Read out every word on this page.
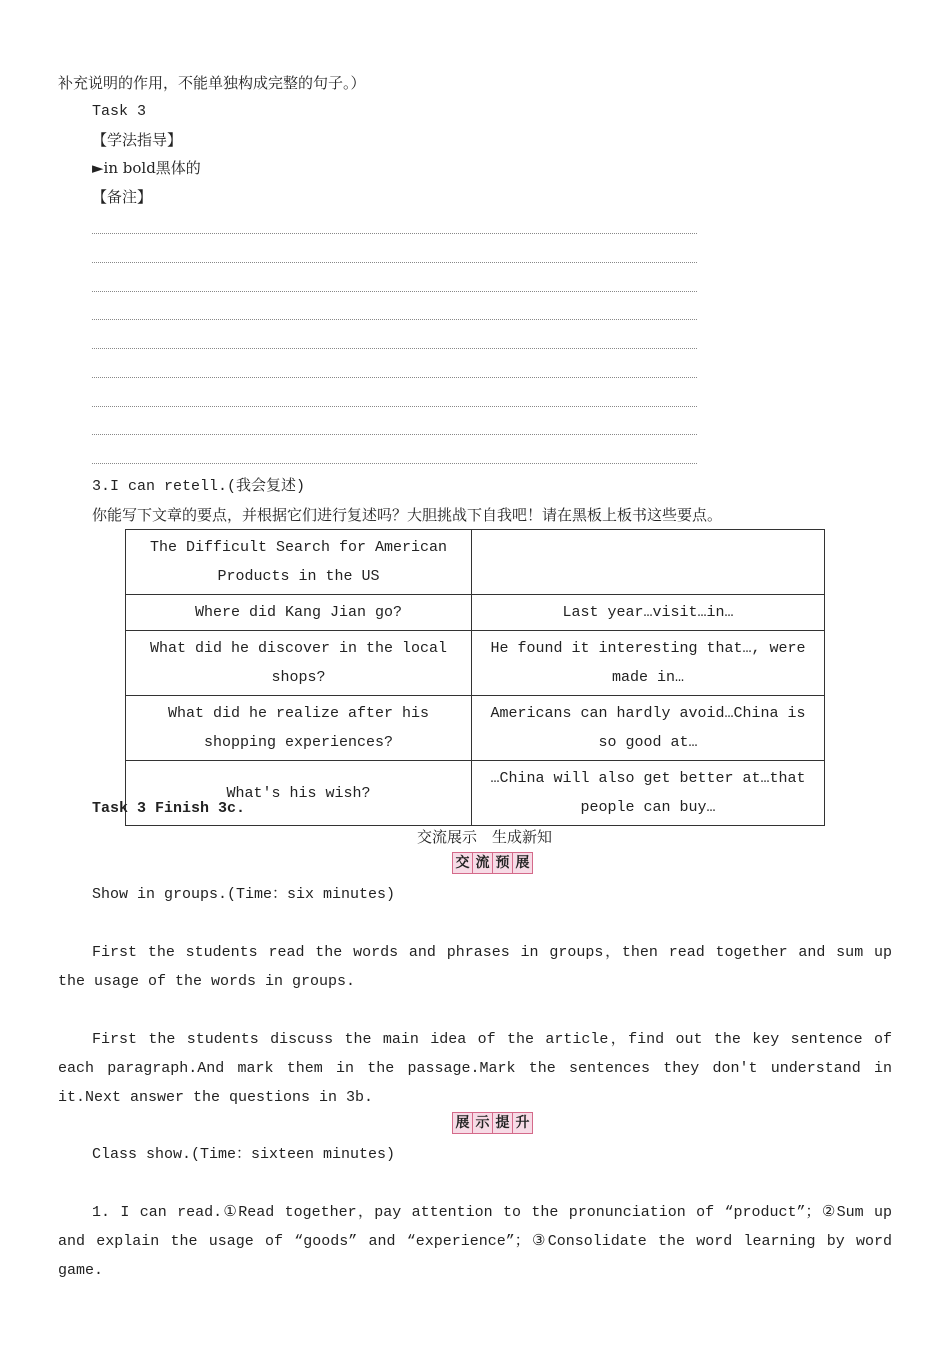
补充说明的作用，不能单独构成完整的句子。）
Task 3
【学法指导】
►in bold黑体的
【备注】
3.I can retell.(我会复述)
你能写下文章的要点，并根据它们进行复述吗？大胆挑战下自我吧！请在黑板上板书这些要点。
The Difficult Search for American Products in the US	
Where did Kang Jian go?	Last year…visit…in…
What did he discover in the local shops?	He found it interesting that…, were made in…
What did he realize after his shopping experiences?	Americans can hardly avoid…China is so good at…
What's his wish?	…China will also get better at…that people can buy…
Task 3 Finish 3c.
交流展示　生成新知
交 流 预 展
Show in groups.(Time：six minutes)
First the students read the words and phrases in groups，then read together and sum up the usage of the words in groups.
First the students discuss the main idea of the article，find out the key sentence of each paragraph.And mark them in the passage.Mark the sentences they don't understand in it.Next answer the questions in 3b.
展 示 提 升
Class show.(Time：sixteen minutes)
1. I can read.①Read together，pay attention to the pronunciation of “product”；②Sum up and explain the usage of “goods” and “experience”；③Consolidate the word learning by word game.
